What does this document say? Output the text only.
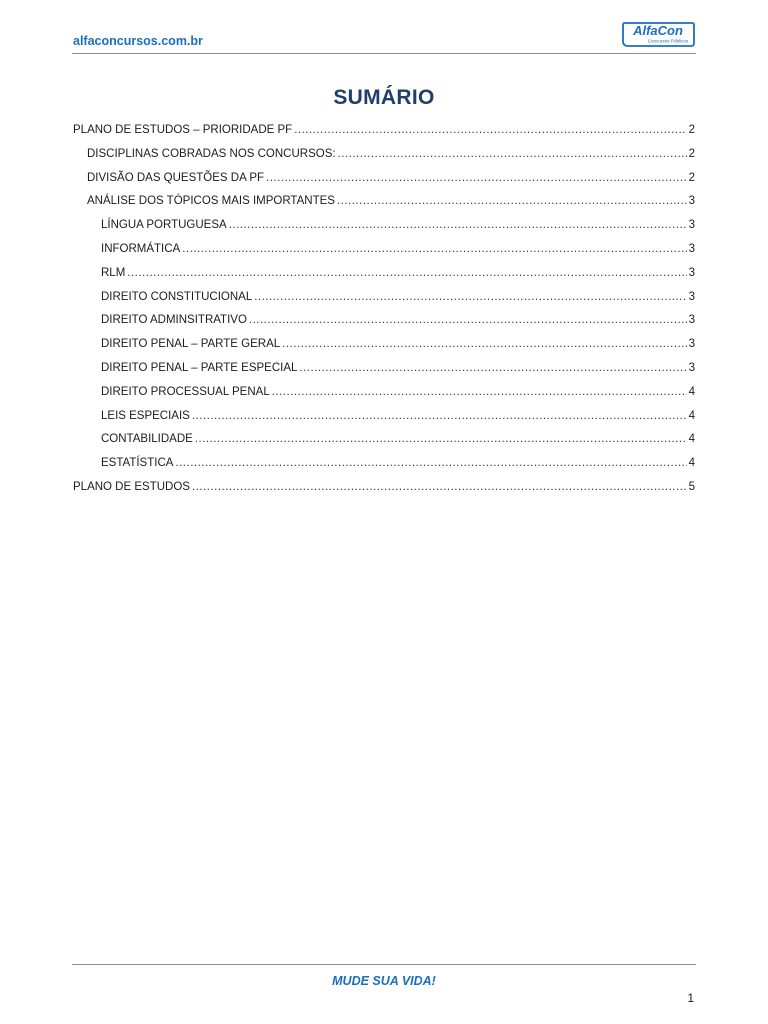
alfaconcursos.com.br
AlfaCon
Concursos Públicos
SUMÁRIO
PLANO DE ESTUDOS – PRIORIDADE PF .....	2
DISCIPLINAS COBRADAS NOS CONCURSOS: .....	2
DIVISÃO DAS QUESTÕES DA PF .....	2
ANÁLISE DOS TÓPICOS MAIS IMPORTANTES .....	3
LÍNGUA PORTUGUESA .....	3
INFORMÁTICA .....	3
RLM .....	3
DIREITO CONSTITUCIONAL .....	3
DIREITO ADMINSITRATIVO .....	3
DIREITO PENAL – PARTE GERAL .....	3
DIREITO PENAL – PARTE ESPECIAL .....	3
DIREITO PROCESSUAL PENAL .....	4
LEIS ESPECIAIS .....	4
CONTABILIDADE .....	4
ESTATÍSTICA .....	4
PLANO DE ESTUDOS .....	5
MUDE SUA VIDA!
1
